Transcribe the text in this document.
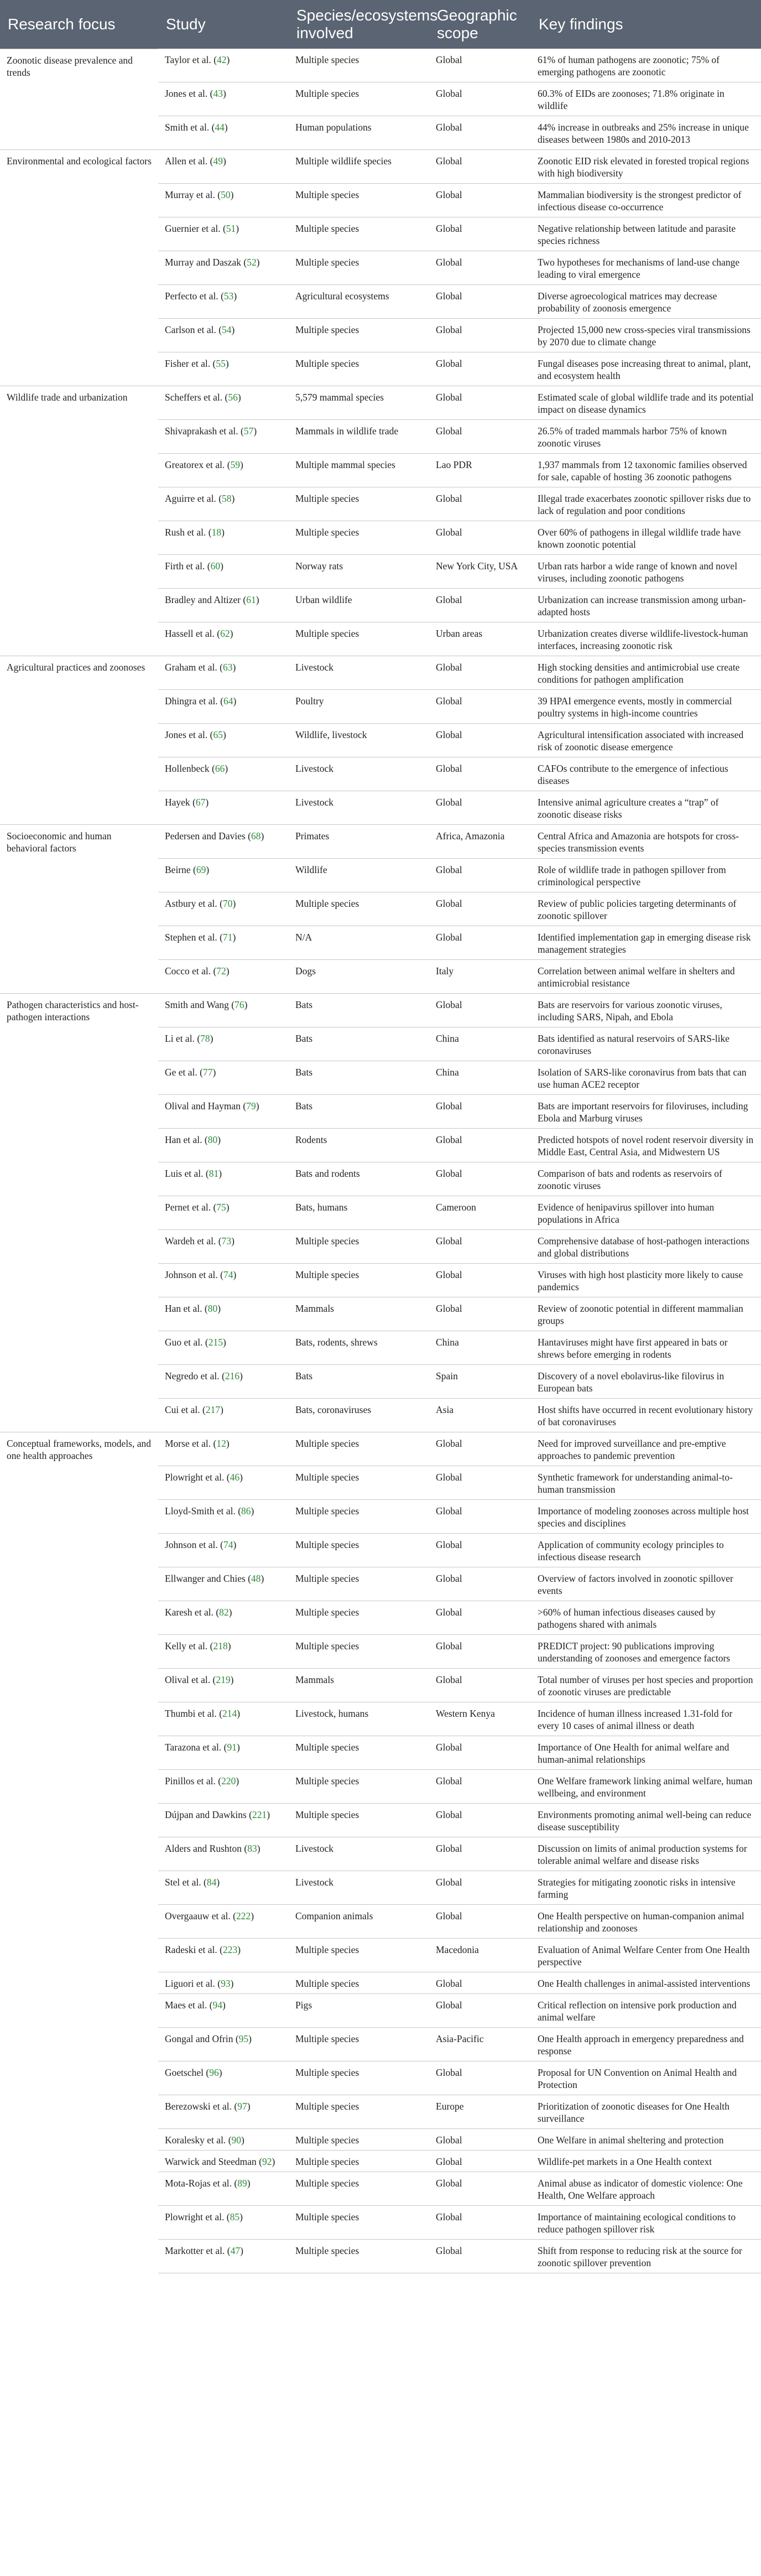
Research focus	Study	Species/ecosystems involved	Geographic scope	Key findings
Zoonotic disease prevalence and trends	Taylor et al. (42)	Multiple species	Global	61% of human pathogens are zoonotic; 75% of emerging pathogens are zoonotic
	Jones et al. (43)	Multiple species	Global	60.3% of EIDs are zoonoses; 71.8% originate in wildlife
	Smith et al. (44)	Human populations	Global	44% increase in outbreaks and 25% increase in unique diseases between 1980s and 2010-2013
Environmental and ecological factors	Allen et al. (49)	Multiple wildlife species	Global	Zoonotic EID risk elevated in forested tropical regions with high biodiversity
	Murray et al. (50)	Multiple species	Global	Mammalian biodiversity is the strongest predictor of infectious disease co-occurrence
	Guernier et al. (51)	Multiple species	Global	Negative relationship between latitude and parasite species richness
	Murray and Daszak (52)	Multiple species	Global	Two hypotheses for mechanisms of land-use change leading to viral emergence
	Perfecto et al. (53)	Agricultural ecosystems	Global	Diverse agroecological matrices may decrease probability of zoonosis emergence
	Carlson et al. (54)	Multiple species	Global	Projected 15,000 new cross-species viral transmissions by 2070 due to climate change
	Fisher et al. (55)	Multiple species	Global	Fungal diseases pose increasing threat to animal, plant, and ecosystem health
Wildlife trade and urbanization	Scheffers et al. (56)	5,579 mammal species	Global	Estimated scale of global wildlife trade and its potential impact on disease dynamics
	Shivaprakash et al. (57)	Mammals in wildlife trade	Global	26.5% of traded mammals harbor 75% of known zoonotic viruses
	Greatorex et al. (59)	Multiple mammal species	Lao PDR	1,937 mammals from 12 taxonomic families observed for sale, capable of hosting 36 zoonotic pathogens
	Aguirre et al. (58)	Multiple species	Global	Illegal trade exacerbates zoonotic spillover risks due to lack of regulation and poor conditions
	Rush et al. (18)	Multiple species	Global	Over 60% of pathogens in illegal wildlife trade have known zoonotic potential
	Firth et al. (60)	Norway rats	New York City, USA	Urban rats harbor a wide range of known and novel viruses, including zoonotic pathogens
	Bradley and Altizer (61)	Urban wildlife	Global	Urbanization can increase transmission among urban-adapted hosts
	Hassell et al. (62)	Multiple species	Urban areas	Urbanization creates diverse wildlife-livestock-human interfaces, increasing zoonotic risk
Agricultural practices and zoonoses	Graham et al. (63)	Livestock	Global	High stocking densities and antimicrobial use create conditions for pathogen amplification
	Dhingra et al. (64)	Poultry	Global	39 HPAI emergence events, mostly in commercial poultry systems in high-income countries
	Jones et al. (65)	Wildlife, livestock	Global	Agricultural intensification associated with increased risk of zoonotic disease emergence
	Hollenbeck (66)	Livestock	Global	CAFOs contribute to the emergence of infectious diseases
	Hayek (67)	Livestock	Global	Intensive animal agriculture creates a “trap” of zoonotic disease risks
Socioeconomic and human behavioral factors	Pedersen and Davies (68)	Primates	Africa, Amazonia	Central Africa and Amazonia are hotspots for cross-species transmission events
	Beirne (69)	Wildlife	Global	Role of wildlife trade in pathogen spillover from criminological perspective
	Astbury et al. (70)	Multiple species	Global	Review of public policies targeting determinants of zoonotic spillover
	Stephen et al. (71)	N/A	Global	Identified implementation gap in emerging disease risk management strategies
	Cocco et al. (72)	Dogs	Italy	Correlation between animal welfare in shelters and antimicrobial resistance
Pathogen characteristics and host-pathogen interactions	Smith and Wang (76)	Bats	Global	Bats are reservoirs for various zoonotic viruses, including SARS, Nipah, and Ebola
	Li et al. (78)	Bats	China	Bats identified as natural reservoirs of SARS-like coronaviruses
	Ge et al. (77)	Bats	China	Isolation of SARS-like coronavirus from bats that can use human ACE2 receptor
	Olival and Hayman (79)	Bats	Global	Bats are important reservoirs for filoviruses, including Ebola and Marburg viruses
	Han et al. (80)	Rodents	Global	Predicted hotspots of novel rodent reservoir diversity in Middle East, Central Asia, and Midwestern US
	Luis et al. (81)	Bats and rodents	Global	Comparison of bats and rodents as reservoirs of zoonotic viruses
	Pernet et al. (75)	Bats, humans	Cameroon	Evidence of henipavirus spillover into human populations in Africa
	Wardeh et al. (73)	Multiple species	Global	Comprehensive database of host-pathogen interactions and global distributions
	Johnson et al. (74)	Multiple species	Global	Viruses with high host plasticity more likely to cause pandemics
	Han et al. (80)	Mammals	Global	Review of zoonotic potential in different mammalian groups
	Guo et al. (215)	Bats, rodents, shrews	China	Hantaviruses might have first appeared in bats or shrews before emerging in rodents
	Negredo et al. (216)	Bats	Spain	Discovery of a novel ebolavirus-like filovirus in European bats
	Cui et al. (217)	Bats, coronaviruses	Asia	Host shifts have occurred in recent evolutionary history of bat coronaviruses
Conceptual frameworks, models, and one health approaches	Morse et al. (12)	Multiple species	Global	Need for improved surveillance and pre-emptive approaches to pandemic prevention
	Plowright et al. (46)	Multiple species	Global	Synthetic framework for understanding animal-to-human transmission
	Lloyd-Smith et al. (86)	Multiple species	Global	Importance of modeling zoonoses across multiple host species and disciplines
	Johnson et al. (74)	Multiple species	Global	Application of community ecology principles to infectious disease research
	Ellwanger and Chies (48)	Multiple species	Global	Overview of factors involved in zoonotic spillover events
	Karesh et al. (82)	Multiple species	Global	>60% of human infectious diseases caused by pathogens shared with animals
	Kelly et al. (218)	Multiple species	Global	PREDICT project: 90 publications improving understanding of zoonoses and emergence factors
	Olival et al. (219)	Mammals	Global	Total number of viruses per host species and proportion of zoonotic viruses are predictable
	Thumbi et al. (214)	Livestock, humans	Western Kenya	Incidence of human illness increased 1.31-fold for every 10 cases of animal illness or death
	Tarazona et al. (91)	Multiple species	Global	Importance of One Health for animal welfare and human-animal relationships
	Pinillos et al. (220)	Multiple species	Global	One Welfare framework linking animal welfare, human wellbeing, and environment
	Dújpan and Dawkins (221)	Multiple species	Global	Environments promoting animal well-being can reduce disease susceptibility
	Alders and Rushton (83)	Livestock	Global	Discussion on limits of animal production systems for tolerable animal welfare and disease risks
	Stel et al. (84)	Livestock	Global	Strategies for mitigating zoonotic risks in intensive farming
	Overgaauw et al. (222)	Companion animals	Global	One Health perspective on human-companion animal relationship and zoonoses
	Radeski et al. (223)	Multiple species	Macedonia	Evaluation of Animal Welfare Center from One Health perspective
	Liguori et al. (93)	Multiple species	Global	One Health challenges in animal-assisted interventions
	Maes et al. (94)	Pigs	Global	Critical reflection on intensive pork production and animal welfare
	Gongal and Ofrin (95)	Multiple species	Asia-Pacific	One Health approach in emergency preparedness and response
	Goetschel (96)	Multiple species	Global	Proposal for UN Convention on Animal Health and Protection
	Berezowski et al. (97)	Multiple species	Europe	Prioritization of zoonotic diseases for One Health surveillance
	Koralesky et al. (90)	Multiple species	Global	One Welfare in animal sheltering and protection
	Warwick and Steedman (92)	Multiple species	Global	Wildlife-pet markets in a One Health context
	Mota-Rojas et al. (89)	Multiple species	Global	Animal abuse as indicator of domestic violence: One Health, One Welfare approach
	Plowright et al. (85)	Multiple species	Global	Importance of maintaining ecological conditions to reduce pathogen spillover risk
	Markotter et al. (47)	Multiple species	Global	Shift from response to reducing risk at the source for zoonotic spillover prevention
